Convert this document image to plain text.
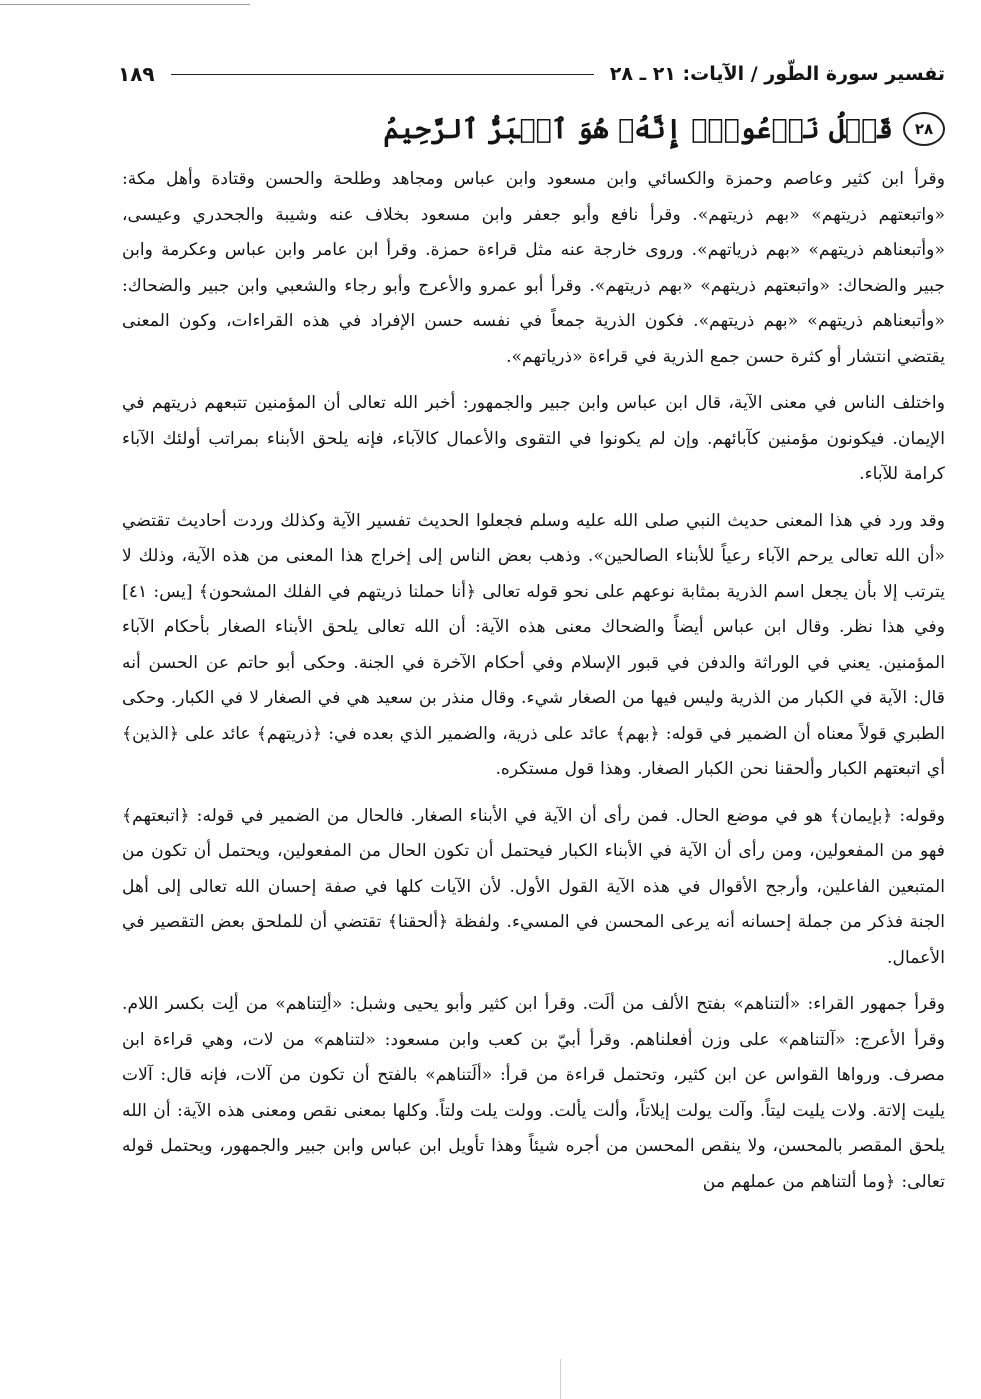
تفسير سورة الطّور / الآيات: ٢١ ـ ٢٨
١٨٩
٢٨
قَبۡلُ نَدۡعُوهُۖ إِنَّهُۥ هُوَ ٱلۡبَرُّ ٱلرَّحِيمُ

وقرأ ابن كثير وعاصم وحمزة والكسائي وابن مسعود وابن عباس ومجاهد وطلحة والحسن وقتادة وأهل مكة: «واتبعتهم ذريتهم» «بهم ذريتهم». وقرأ نافع وأبو جعفر وابن مسعود بخلاف عنه وشيبة والجحدري وعيسى، «وأتبعناهم ذريتهم» «بهم ذرياتهم». وروى خارجة عنه مثل قراءة حمزة. وقرأ ابن عامر وابن عباس وعكرمة وابن جبير والضحاك: «واتبعتهم ذريتهم» «بهم ذريتهم». وقرأ أبو عمرو والأعرج وأبو رجاء والشعبي وابن جبير والضحاك: «وأتبعناهم ذريتهم» «بهم ذريتهم». فكون الذرية جمعاً في نفسه حسن الإفراد في هذه القراءات، وكون المعنى يقتضي انتشار أو كثرة حسن جمع الذرية في قراءة «ذرياتهم».

واختلف الناس في معنى الآية، قال ابن عباس وابن جبير والجمهور: أخبر الله تعالى أن المؤمنين تتبعهم ذريتهم في الإيمان. فيكونون مؤمنين كآبائهم. وإن لم يكونوا في التقوى والأعمال كالآباء، فإنه يلحق الأبناء بمراتب أولئك الآباء كرامة للآباء.

وقد ورد في هذا المعنى حديث النبي صلى الله عليه وسلم فجعلوا الحديث تفسير الآية وكذلك وردت أحاديث تقتضي «أن الله تعالى يرحم الآباء رعياً للأبناء الصالحين». وذهب بعض الناس إلى إخراج هذا المعنى من هذه الآية، وذلك لا يترتب إلا بأن يجعل اسم الذرية بمثابة نوعهم على نحو قوله تعالى ﴿أنا حملنا ذريتهم في الفلك المشحون﴾ [يس: ٤١] وفي هذا نظر. وقال ابن عباس أيضاً والضحاك معنى هذه الآية: أن الله تعالى يلحق الأبناء الصغار بأحكام الآباء المؤمنين. يعني في الوراثة والدفن في قبور الإسلام وفي أحكام الآخرة في الجنة. وحكى أبو حاتم عن الحسن أنه قال: الآية في الكبار من الذرية وليس فيها من الصغار شيء. وقال منذر بن سعيد هي في الصغار لا في الكبار. وحكى الطبري قولاً معناه أن الضمير في قوله: ﴿بهم﴾ عائد على ذرية، والضمير الذي بعده في: ﴿ذريتهم﴾ عائد على ﴿الذين﴾ أي اتبعتهم الكبار وألحقنا نحن الكبار الصغار. وهذا قول مستكره.

وقوله: ﴿بإيمان﴾ هو في موضع الحال. فمن رأى أن الآية في الأبناء الصغار. فالحال من الضمير في قوله: ﴿اتبعتهم﴾ فهو من المفعولين، ومن رأى أن الآية في الأبناء الكبار فيحتمل أن تكون الحال من المفعولين، ويحتمل أن تكون من المتبعين الفاعلين، وأرجح الأقوال في هذه الآية القول الأول. لأن الآيات كلها في صفة إحسان الله تعالى إلى أهل الجنة فذكر من جملة إحسانه أنه يرعى المحسن في المسيء. ولفظة ﴿ألحقنا﴾ تقتضي أن للملحق بعض التقصير في الأعمال.

وقرأ جمهور القراء: «ألتناهم» بفتح الألف من ألَت. وقرأ ابن كثير وأبو يحيى وشبل: «ألِتناهم» من ألِت بكسر اللام. وقرأ الأعرج: «آلتناهم» على وزن أفعلناهم. وقرأ أبيّ بن كعب وابن مسعود: «لتناهم» من لات، وهي قراءة ابن مصرف. ورواها القواس عن ابن كثير، وتحتمل قراءة من قرأ: «ألَتناهم» بالفتح أن تكون من آلات، فإنه قال: آلات يليت إلاتة. ولات يليت ليتاً. وآلت يولت إيلاتاً، وألت يألت. وولت يلت ولتاً. وكلها بمعنى نقص ومعنى هذه الآية: أن الله يلحق المقصر بالمحسن، ولا ينقص المحسن من أجره شيئاً وهذا تأويل ابن عباس وابن جبير والجمهور، ويحتمل قوله تعالى: ﴿وما ألتناهم من عملهم من
